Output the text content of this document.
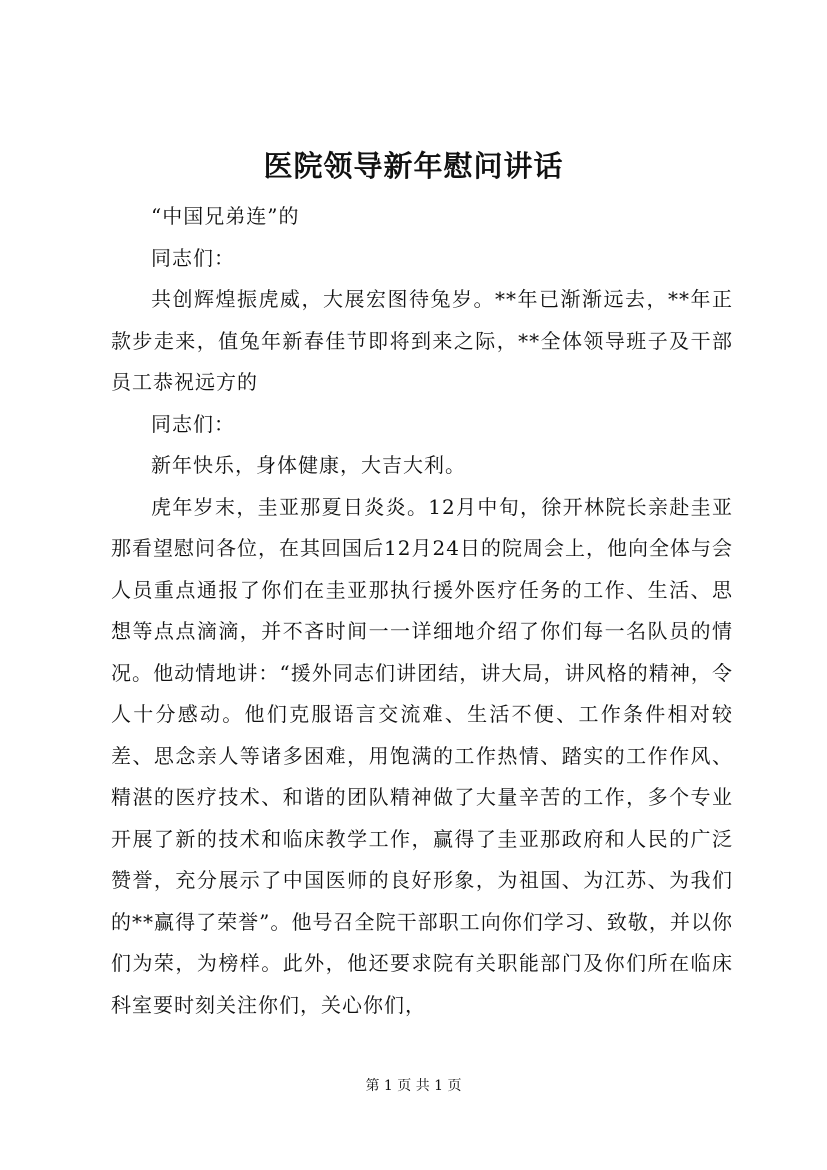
医院领导新年慰问讲话

“中国兄弟连”的

同志们：

共创辉煌振虎威，大展宏图待兔岁。**年已渐渐远去，**年正款步走来，值兔年新春佳节即将到来之际，**全体领导班子及干部员工恭祝远方的

同志们：

新年快乐，身体健康，大吉大利。

虎年岁末，圭亚那夏日炎炎。12月中旬，徐开林院长亲赴圭亚那看望慰问各位，在其回国后12月24日的院周会上，他向全体与会人员重点通报了你们在圭亚那执行援外医疗任务的工作、生活、思想等点点滴滴，并不吝时间一一详细地介绍了你们每一名队员的情况。他动情地讲：“援外同志们讲团结，讲大局，讲风格的精神，令人十分感动。他们克服语言交流难、生活不便、工作条件相对较差、思念亲人等诸多困难，用饱满的工作热情、踏实的工作作风、精湛的医疗技术、和谐的团队精神做了大量辛苦的工作，多个专业开展了新的技术和临床教学工作，赢得了圭亚那政府和人民的广泛赞誉，充分展示了中国医师的良好形象，为祖国、为江苏、为我们的**赢得了荣誉”。他号召全院干部职工向你们学习、致敬，并以你们为荣，为榜样。此外，他还要求院有关职能部门及你们所在临床科室要时刻关注你们，关心你们，

第 1 页 共 1 页
